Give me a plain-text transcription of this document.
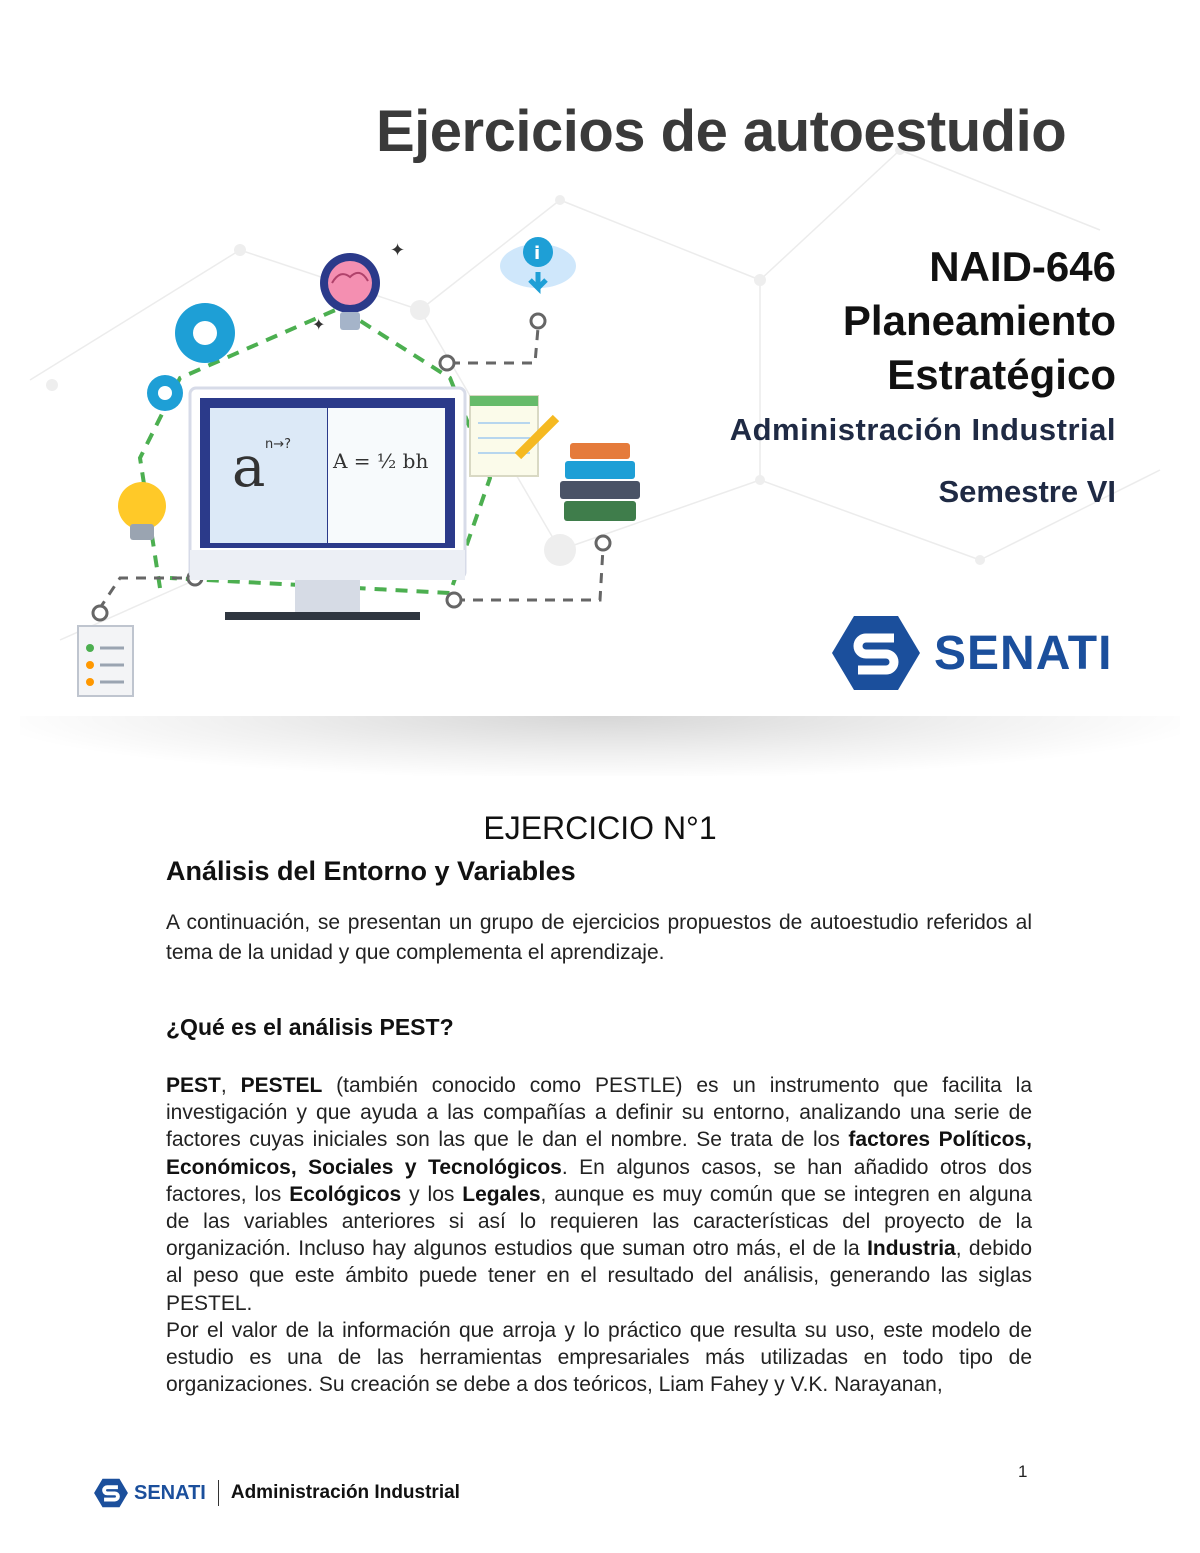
Ejercicios de autoestudio
a n→?
A = ½ bh
✦
✦
i	NAID-646
Planeamiento
Estratégico
Administración Industrial
Semestre VI
SENATI
EJERCICIO N°1
Análisis del Entorno y Variables
A continuación, se presentan un grupo de ejercicios propuestos de autoestudio referidos al tema de la unidad y que complementa el aprendizaje.
¿Qué es el análisis PEST?
PEST, PESTEL (también conocido como PESTLE) es un instrumento que facilita la investigación y que ayuda a las compañías a definir su entorno, analizando una serie de factores cuyas iniciales son las que le dan el nombre. Se trata de los factores Políticos, Económicos, Sociales y Tecnológicos. En algunos casos, se han añadido otros dos factores, los Ecológicos y los Legales, aunque es muy común que se integren en alguna de las variables anteriores si así lo requieren las características del proyecto de la organización. Incluso hay algunos estudios que suman otro más, el de la Industria, debido al peso que este ámbito puede tener en el resultado del análisis, generando las siglas PESTEL.
Por el valor de la información que arroja y lo práctico que resulta su uso, este modelo de estudio es una de las herramientas empresariales más utilizadas en todo tipo de organizaciones. Su creación se debe a dos teóricos, Liam Fahey y V.K. Narayanan,
1
SENATI Administración Industrial
